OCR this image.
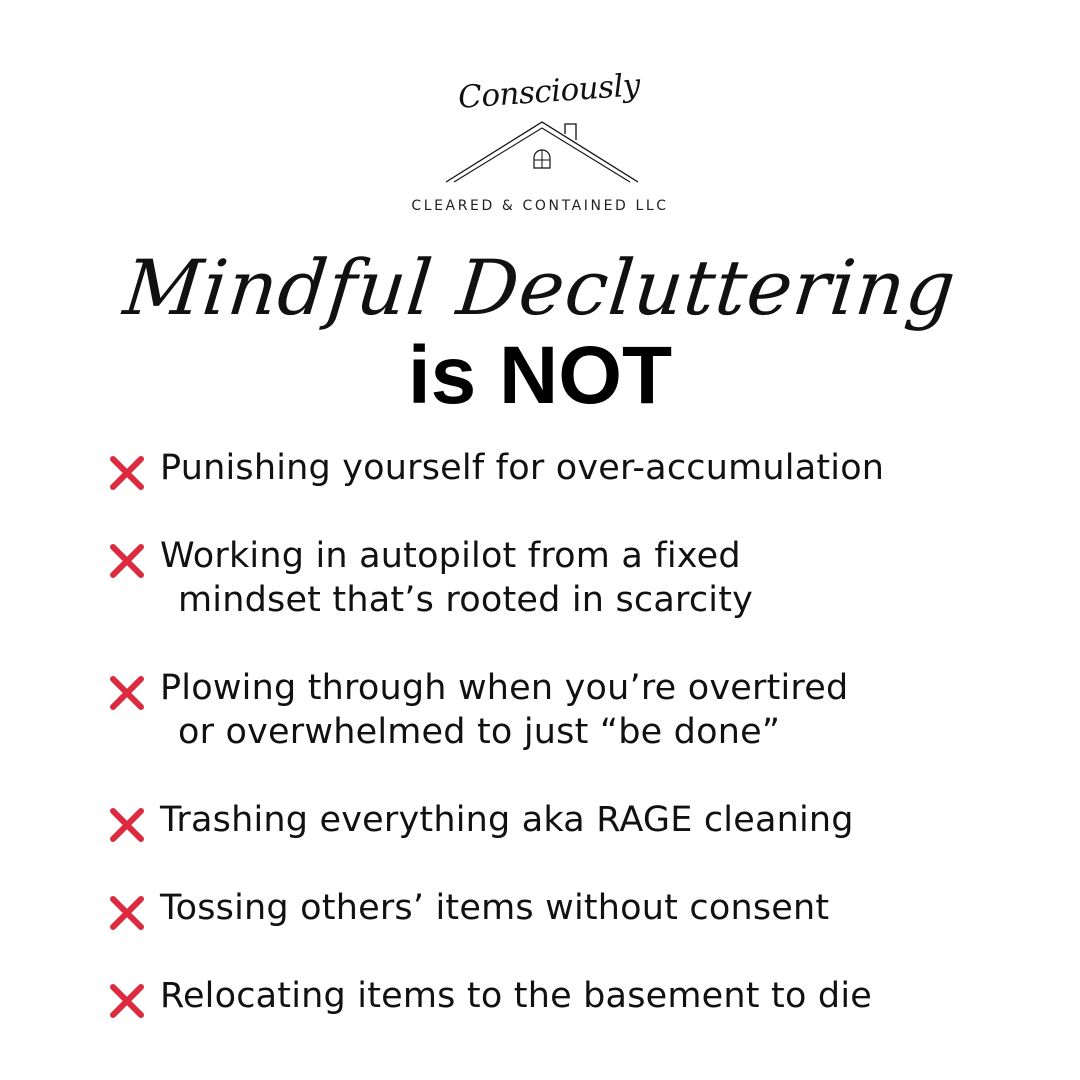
Consciously
CLEARED & CONTAINED LLC
Mindful Decluttering
is NOT
Punishing yourself for over-accumulation
Working in autopilot from a fixed
mindset that’s rooted in scarcity
Plowing through when you’re overtired
or overwhelmed to just “be done”
Trashing everything aka RAGE cleaning
Tossing others’ items without consent
Relocating items to the basement to die
